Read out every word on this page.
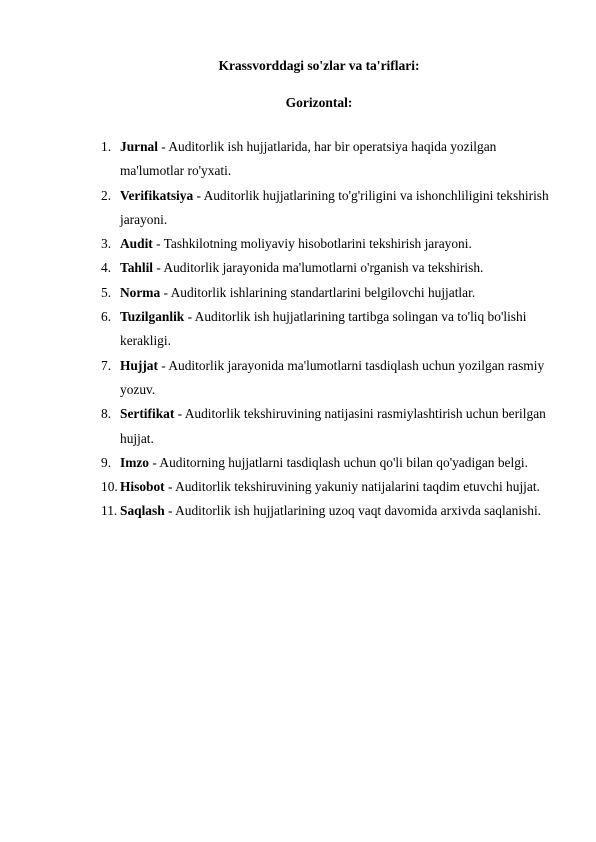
Krassvorddagi so'zlar va ta'riflari:
Gorizontal:
1. Jurnal - Auditorlik ish hujjatlarida, har bir operatsiya haqida yozilgan ma'lumotlar ro'yxati.
2. Verifikatsiya - Auditorlik hujjatlarining to'g'riligini va ishonchliligini tekshirish jarayoni.
3. Audit - Tashkilotning moliyaviy hisobotlarini tekshirish jarayoni.
4. Tahlil - Auditorlik jarayonida ma'lumotlarni o'rganish va tekshirish.
5. Norma - Auditorlik ishlarining standartlarini belgilovchi hujjatlar.
6. Tuzilganlik - Auditorlik ish hujjatlarining tartibga solingan va to'liq bo'lishi kerakligi.
7. Hujjat - Auditorlik jarayonida ma'lumotlarni tasdiqlash uchun yozilgan rasmiy yozuv.
8. Sertifikat - Auditorlik tekshiruvining natijasini rasmiylashtirish uchun berilgan hujjat.
9. Imzo - Auditorning hujjatlarni tasdiqlash uchun qo'li bilan qo'yadigan belgi.
10. Hisobot - Auditorlik tekshiruvining yakuniy natijalarini taqdim etuvchi hujjat.
11. Saqlash - Auditorlik ish hujjatlarining uzoq vaqt davomida arxivda saqlanishi.
